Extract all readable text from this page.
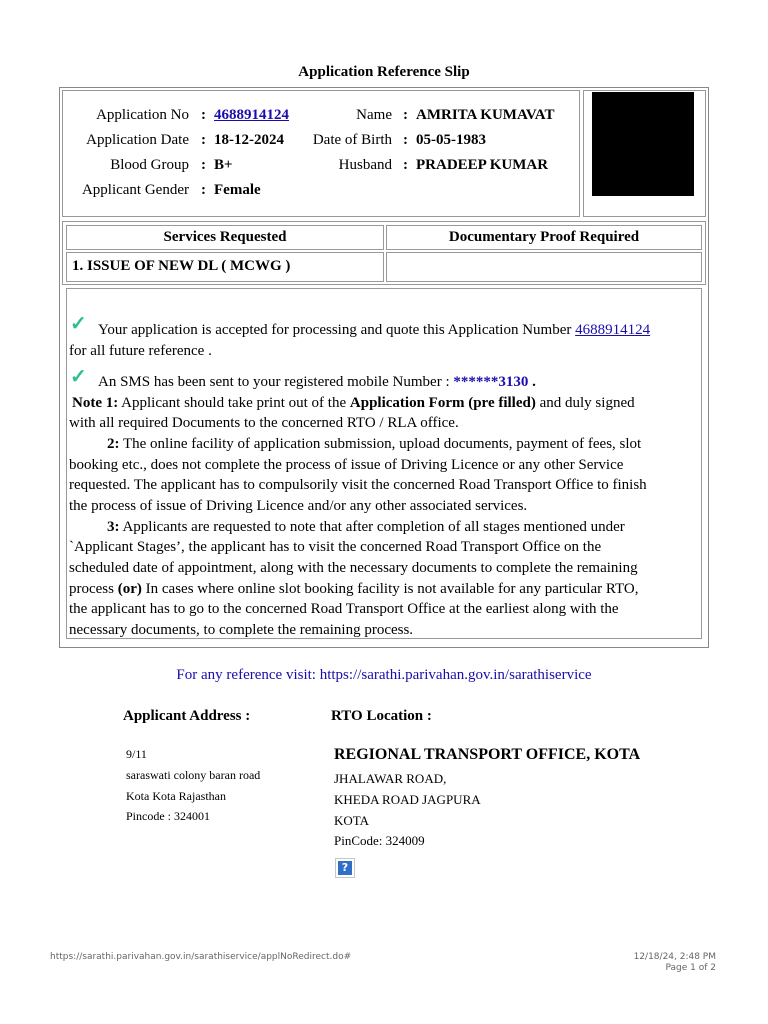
Application Reference Slip
Application No
Application Date
Blood Group
Applicant Gender
:
:
:
:
4688914124
18-12-2024
B+
Female
Name
Date of Birth
Husband
:
:
:
AMRITA KUMAVAT
05-05-1983
PRADEEP KUMAR
Services Requested	Documentary Proof Required
1. ISSUE OF NEW DL ( MCWG )
✓ Your application is accepted for processing and quote this Application Number 4688914124
for all future reference .
✓ An SMS has been sent to your registered mobile Number : ******3130 .
Note 1: Applicant should take print out of the Application Form (pre filled) and duly signed
with all required Documents to the concerned RTO / RLA office.
2: The online facility of application submission, upload documents, payment of fees, slot
booking etc., does not complete the process of issue of Driving Licence or any other Service
requested. The applicant has to compulsorily visit the concerned Road Transport Office to finish
the process of issue of Driving Licence and/or any other associated services.
3: Applicants are requested to note that after completion of all stages mentioned under
`Applicant Stages’, the applicant has to visit the concerned Road Transport Office on the
scheduled date of appointment, along with the necessary documents to complete the remaining
process (or) In cases where online slot booking facility is not available for any particular RTO,
the applicant has to go to the concerned Road Transport Office at the earliest along with the
necessary documents, to complete the remaining process.
For any reference visit: https://sarathi.parivahan.gov.in/sarathiservice
Applicant Address :
9/11
saraswati colony baran road
Kota Kota Rajasthan
Pincode : 324001
RTO Location :
REGIONAL TRANSPORT OFFICE, KOTA
JHALAWAR ROAD,
KHEDA ROAD JAGPURA
KOTA
PinCode: 324009
?
https://sarathi.parivahan.gov.in/sarathiservice/applNoRedirect.do#	12/18/24, 2:48 PM
Page 1 of 2
